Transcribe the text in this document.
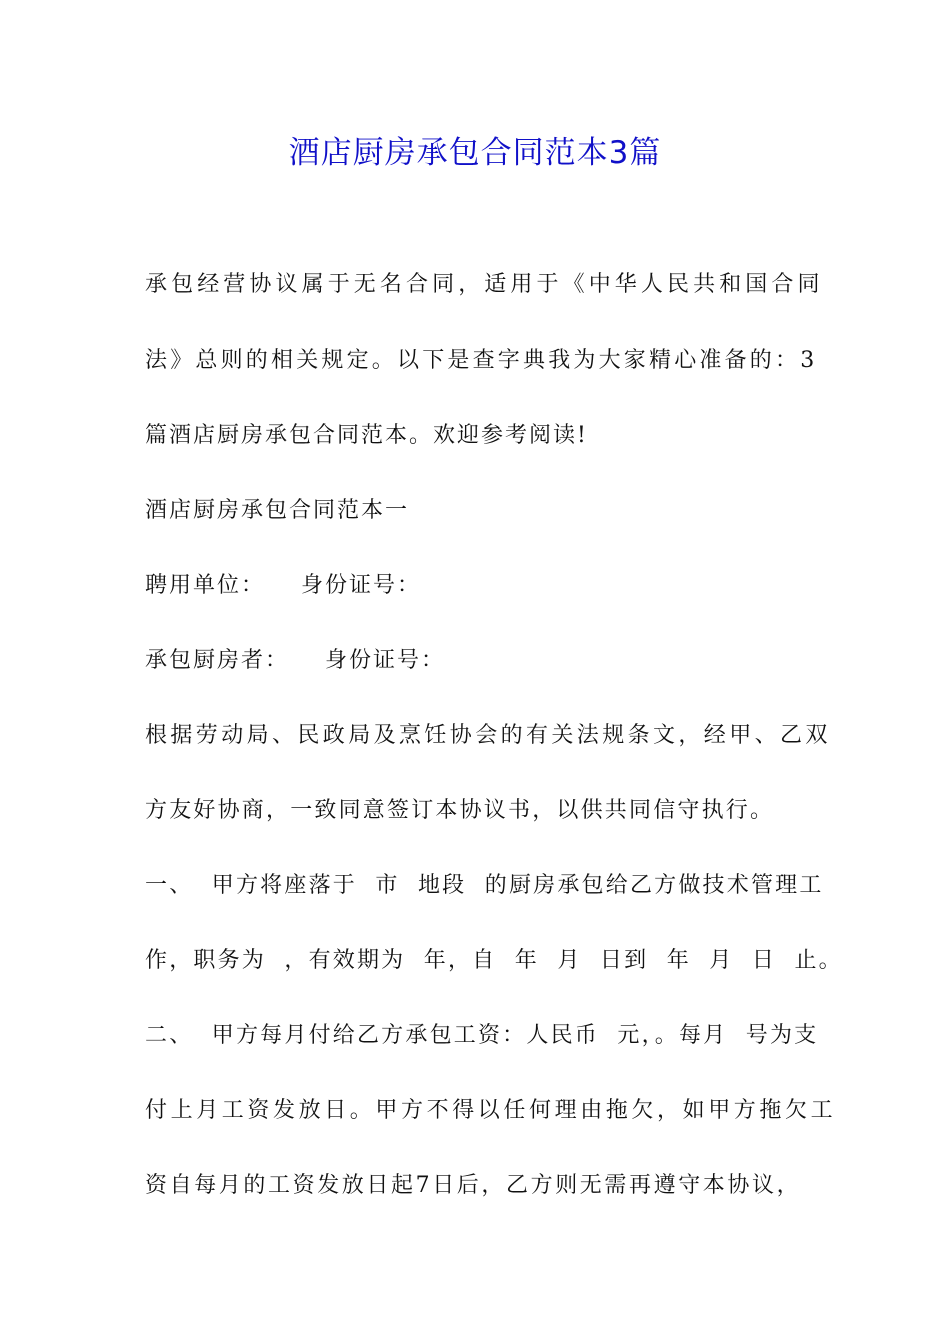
酒店厨房承包合同范本3篇

承包经营协议属于无名合同，适用于《中华人民共和国合同

法》总则的相关规定。以下是查字典我为大家精心准备的：3

篇酒店厨房承包合同范本。欢迎参考阅读!

酒店厨房承包合同范本一

聘用单位：    身份证号：

承包厨房者：    身份证号：

根据劳动局、民政局及烹饪协会的有关法规条文，经甲、乙双

方友好协商，一致同意签订本协议书，以供共同信守执行。

一、  甲方将座落于  市  地段  的厨房承包给乙方做技术管理工

作，职务为  ，有效期为  年，自  年  月  日到  年  月  日  止。

二、  甲方每月付给乙方承包工资：人民币  元，。每月  号为支

付上月工资发放日。甲方不得以任何理由拖欠，如甲方拖欠工

资自每月的工资发放日起7日后，乙方则无需再遵守本协议，
